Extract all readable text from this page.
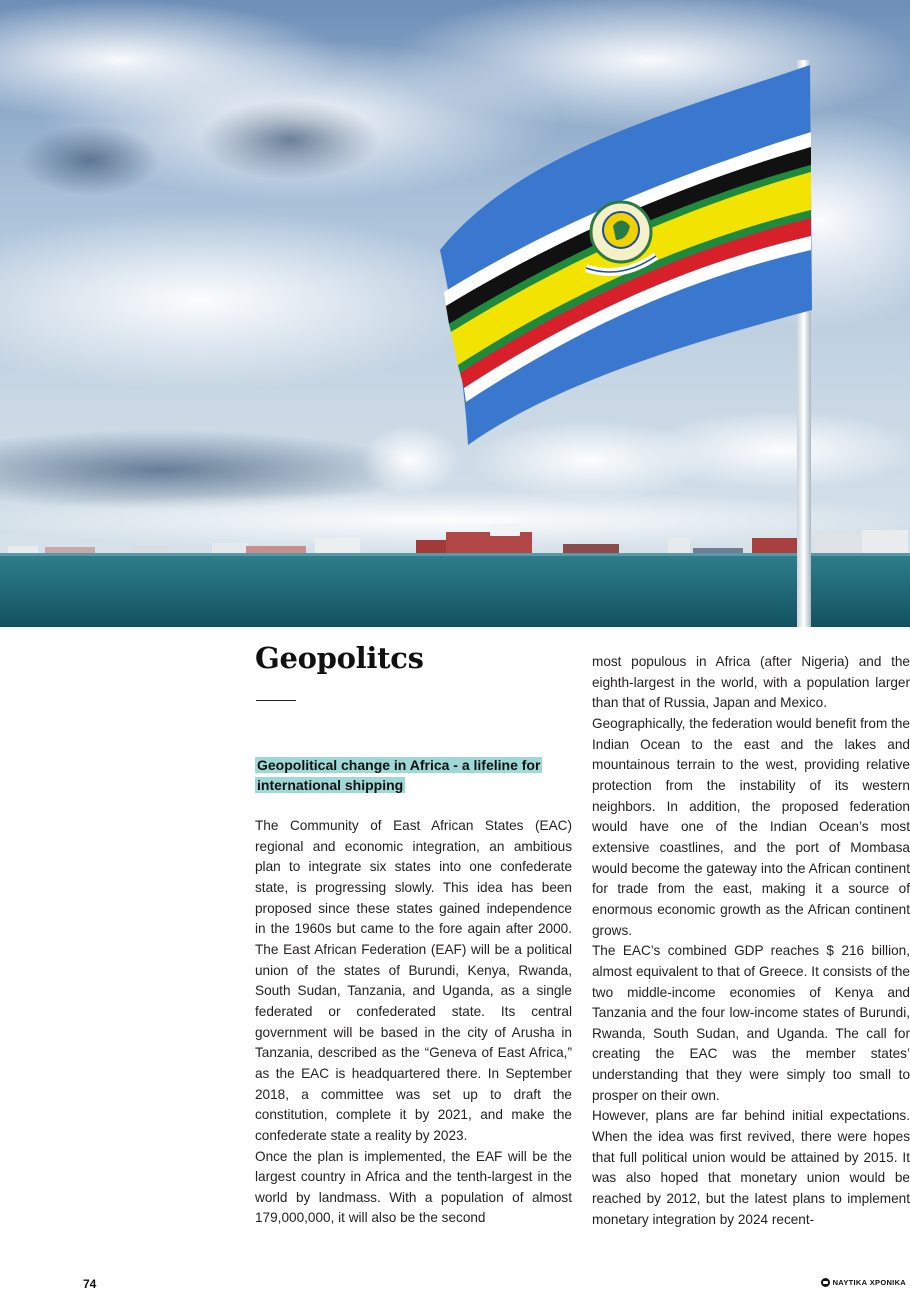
Geopolitcs
Geopolitical change in Africa - a lifeline for international shipping

The Community of East African States (EAC) regional and economic integration, an ambitious plan to integrate six states into one confederate state, is progressing slowly. This idea has been proposed since these states gained independence in the 1960s but came to the fore again after 2000. The East African Federation (EAF) will be a political union of the states of Burundi, Kenya, Rwanda, South Sudan, Tanzania, and Uganda, as a single federated or confederated state. Its central government will be based in the city of Arusha in Tanzania, described as the “Geneva of East Africa,” as the EAC is headquartered there. In September 2018, a committee was set up to draft the constitution, complete it by 2021, and make the confederate state a reality by 2023.

Once the plan is implemented, the EAF will be the largest country in Africa and the tenth-largest in the world by landmass. With a population of almost 179,000,000, it will also be the second

most populous in Africa (after Nigeria) and the eighth-largest in the world, with a population larger than that of Russia, Japan and Mexico.

Geographically, the federation would benefit from the Indian Ocean to the east and the lakes and mountainous terrain to the west, providing relative protection from the instability of its western neighbors. In addition, the proposed federation would have one of the Indian Ocean’s most extensive coastlines, and the port of Mombasa would become the gateway into the African continent for trade from the east, making it a source of enormous economic growth as the African continent grows.

The EAC’s combined GDP reaches $ 216 billion, almost equivalent to that of Greece. It consists of the two middle-income economies of Kenya and Tanzania and the four low-income states of Burundi, Rwanda, South Sudan, and Uganda. The call for creating the EAC was the member states’ understanding that they were simply too small to prosper on their own.

However, plans are far behind initial expectations. When the idea was first revived, there were hopes that full political union would be attained by 2015. It was also hoped that monetary union would be reached by 2012, but the latest plans to implement monetary integration by 2024 recent-

74	ΝΑΥΤΙΚΑ ΧΡΟΝΙΚΑ
